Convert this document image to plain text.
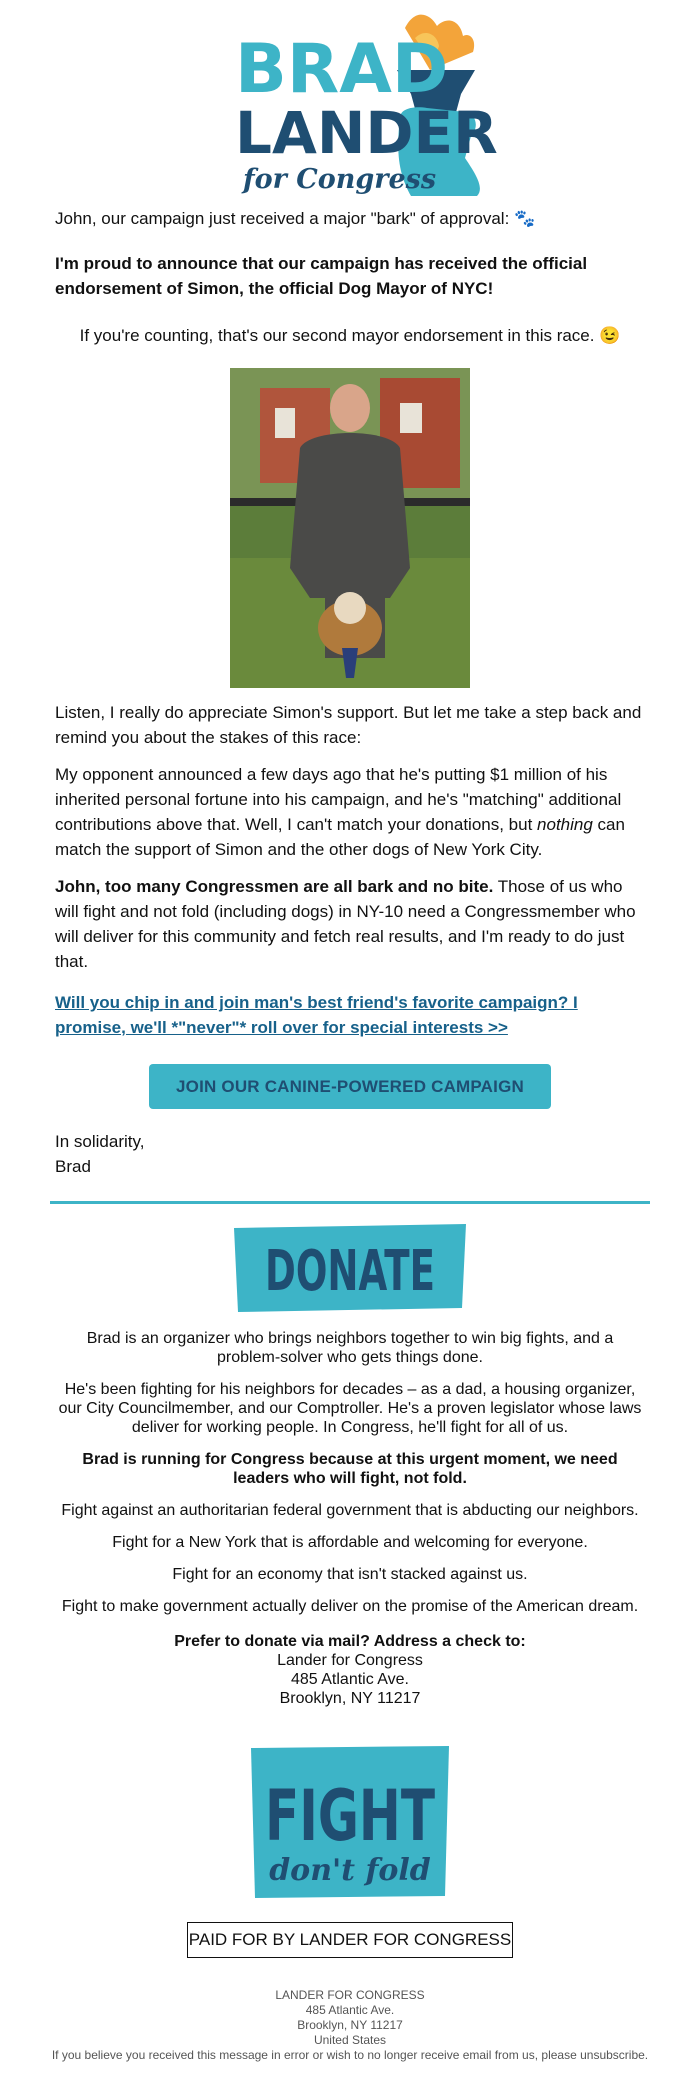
BRAD
LANDER
for Congress

John, our campaign just received a major "bark" of approval: 🐾

I'm proud to announce that our campaign has received the official endorsement of Simon, the official Dog Mayor of NYC!

If you're counting, that's our second mayor endorsement in this race. 😉

Listen, I really do appreciate Simon's support. But let me take a step back and remind you about the stakes of this race:

My opponent announced a few days ago that he's putting $1 million of his inherited personal fortune into his campaign, and he's "matching" additional contributions above that. Well, I can't match your donations, but nothing can match the support of Simon and the other dogs of New York City.

John, too many Congressmen are all bark and no bite. Those of us who will fight and not fold (including dogs) in NY-10 need a Congressmember who will deliver for this community and fetch real results, and I'm ready to do just that.

Will you chip in and join man's best friend's favorite campaign? I promise, we'll *"never"* roll over for special interests >>
JOIN OUR CANINE-POWERED CAMPAIGN

In solidarity,

Brad

DONATE

Brad is an organizer who brings neighbors together to win big fights, and a problem-solver who gets things done.

He's been fighting for his neighbors for decades – as a dad, a housing organizer, our City Councilmember, and our Comptroller. He's a proven legislator whose laws deliver for working people. In Congress, he'll fight for all of us.

Brad is running for Congress because at this urgent moment, we need leaders who will fight, not fold.

Fight against an authoritarian federal government that is abducting our neighbors.

Fight for a New York that is affordable and welcoming for everyone.

Fight for an economy that isn't stacked against us.

Fight to make government actually deliver on the promise of the American dream.

Prefer to donate via mail? Address a check to:

Lander for Congress

485 Atlantic Ave.

Brooklyn, NY 11217

FIGHT
don't fold
PAID FOR BY LANDER FOR CONGRESS

LANDER FOR CONGRESS

485 Atlantic Ave.

Brooklyn, NY 11217

United States

If you believe you received this message in error or wish to no longer receive email from us, please unsubscribe.
